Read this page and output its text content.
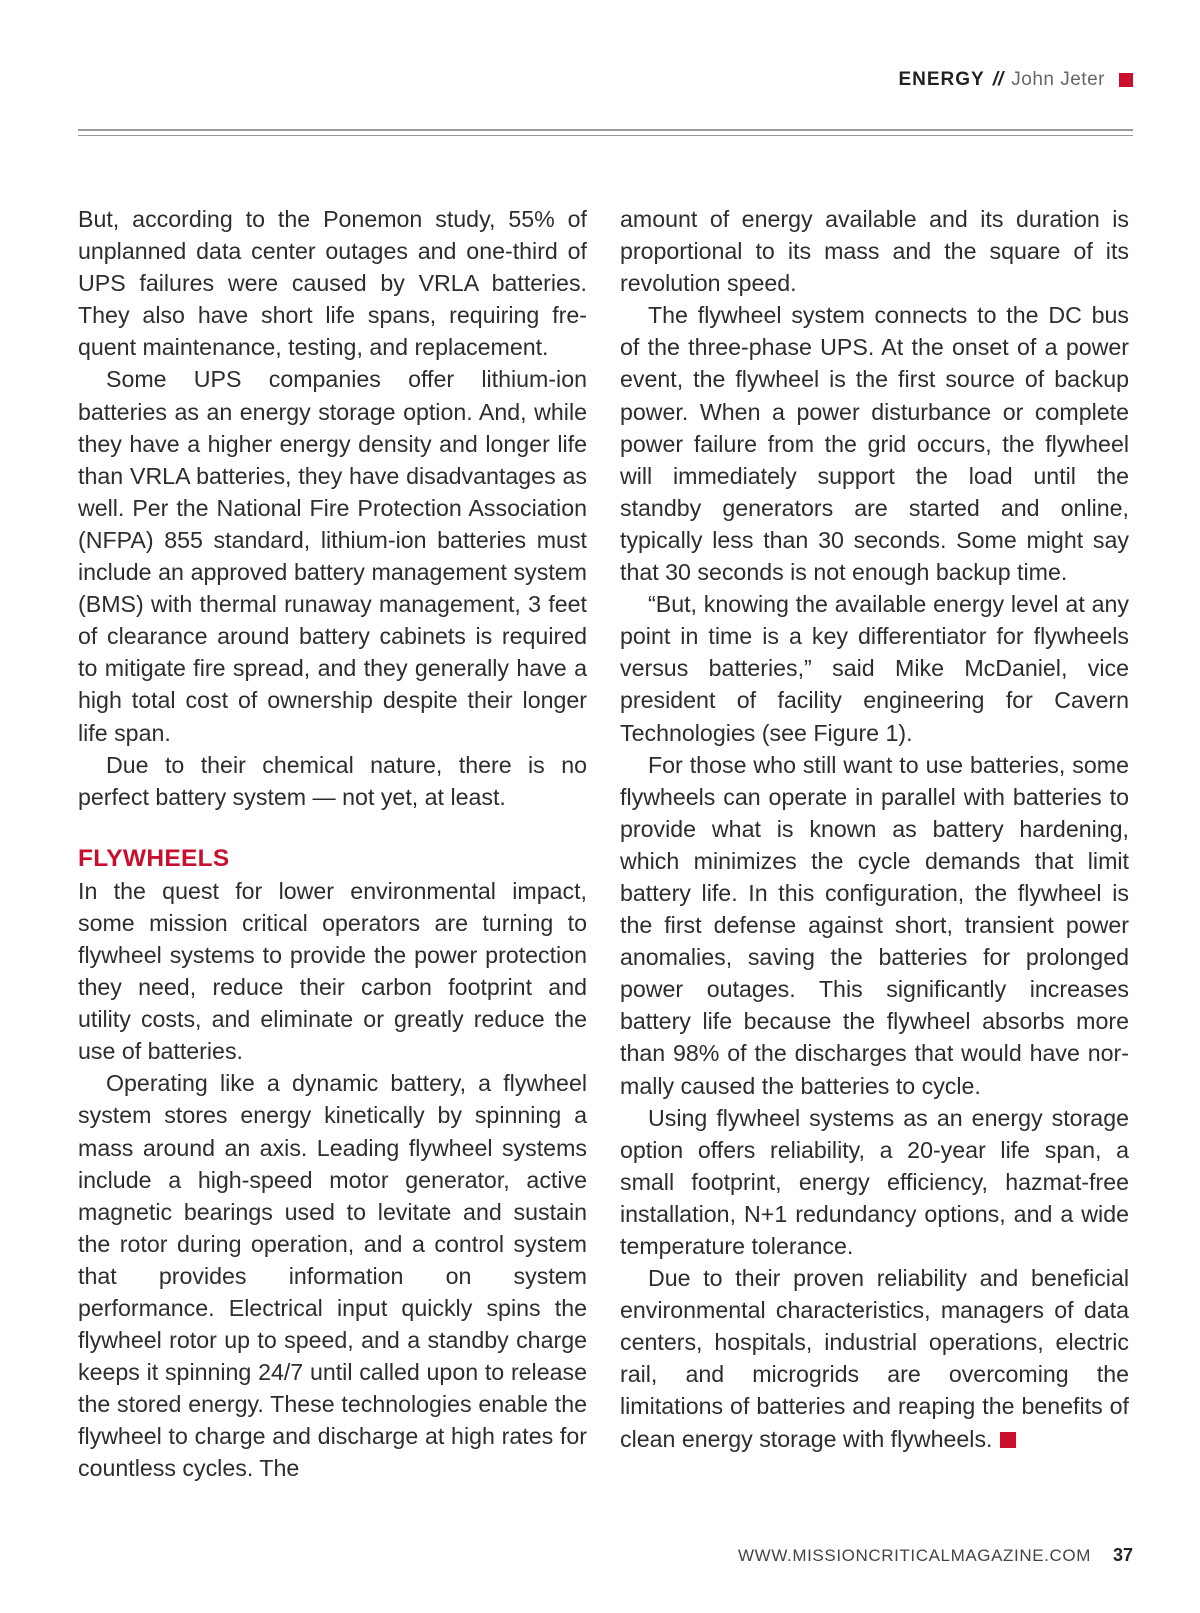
ENERGY // John Jeter

But, according to the Ponemon study, 55% of unplanned data center outages and one-third of UPS failures were caused by VRLA batteries. They also have short life spans, requiring frequent maintenance, testing, and replacement.

Some UPS companies offer lithium-ion batteries as an energy storage option. And, while they have a higher energy density and longer life than VRLA batteries, they have disadvantages as well. Per the National Fire Protection Association (NFPA) 855 standard, lithium-ion batteries must include an approved battery management system (BMS) with thermal runaway management, 3 feet of clearance around battery cabinets is required to mitigate fire spread, and they generally have a high total cost of ownership despite their longer life span.

Due to their chemical nature, there is no perfect battery system — not yet, at least.

FLYWHEELS

In the quest for lower environmental impact, some mission critical operators are turning to flywheel systems to provide the power protection they need, reduce their carbon footprint and utility costs, and eliminate or greatly reduce the use of batteries.

Operating like a dynamic battery, a flywheel system stores energy kinetically by spinning a mass around an axis. Leading flywheel systems include a high-speed motor generator, active magnetic bearings used to levitate and sustain the rotor during operation, and a control system that provides information on system performance. Electrical input quickly spins the flywheel rotor up to speed, and a standby charge keeps it spinning 24/7 until called upon to release the stored energy. These technologies enable the flywheel to charge and discharge at high rates for countless cycles. The

amount of energy available and its duration is proportional to its mass and the square of its revolution speed.

The flywheel system connects to the DC bus of the three-phase UPS. At the onset of a power event, the flywheel is the first source of backup power. When a power disturbance or complete power failure from the grid occurs, the flywheel will immediately support the load until the standby generators are started and online, typically less than 30 seconds. Some might say that 30 seconds is not enough backup time.

“But, knowing the available energy level at any point in time is a key differentiator for flywheels versus batteries,” said Mike McDaniel, vice president of facility engineering for Cavern Technologies (see Figure 1).

For those who still want to use batteries, some flywheels can operate in parallel with batteries to provide what is known as battery hardening, which minimizes the cycle demands that limit battery life. In this configuration, the flywheel is the first defense against short, transient power anomalies, saving the batteries for prolonged power outages. This significantly increases battery life because the flywheel absorbs more than 98% of the discharges that would have normally caused the batteries to cycle.

Using flywheel systems as an energy storage option offers reliability, a 20-year life span, a small footprint, energy efficiency, hazmat-free installation, N+1 redundancy options, and a wide temperature tolerance.

Due to their proven reliability and beneficial environmental characteristics, managers of data centers, hospitals, industrial operations, electric rail, and microgrids are overcoming the limitations of batteries and reaping the benefits of clean energy storage with flywheels.

WWW.MISSIONCRITICALMAGAZINE.COM 37
